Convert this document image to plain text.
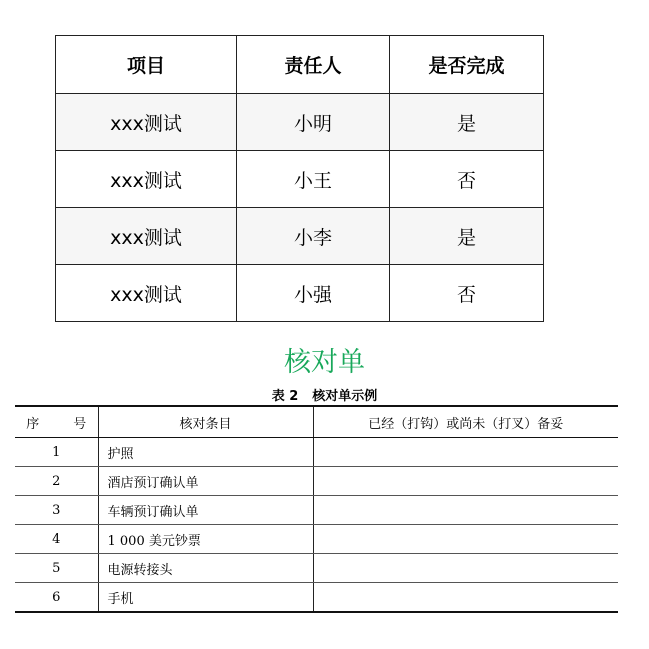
项目	责任人	是否完成
xxx测试	小明	是
xxx测试	小王	否
xxx测试	小李	是
xxx测试	小强	否
核对单
表 2 核对单示例
序 号	核对条目	已经（打钩）或尚未（打叉）备妥
1	护照	
2	酒店预订确认单	
3	车辆预订确认单	
4	1 000 美元钞票	
5	电源转接头	
6	手机	
